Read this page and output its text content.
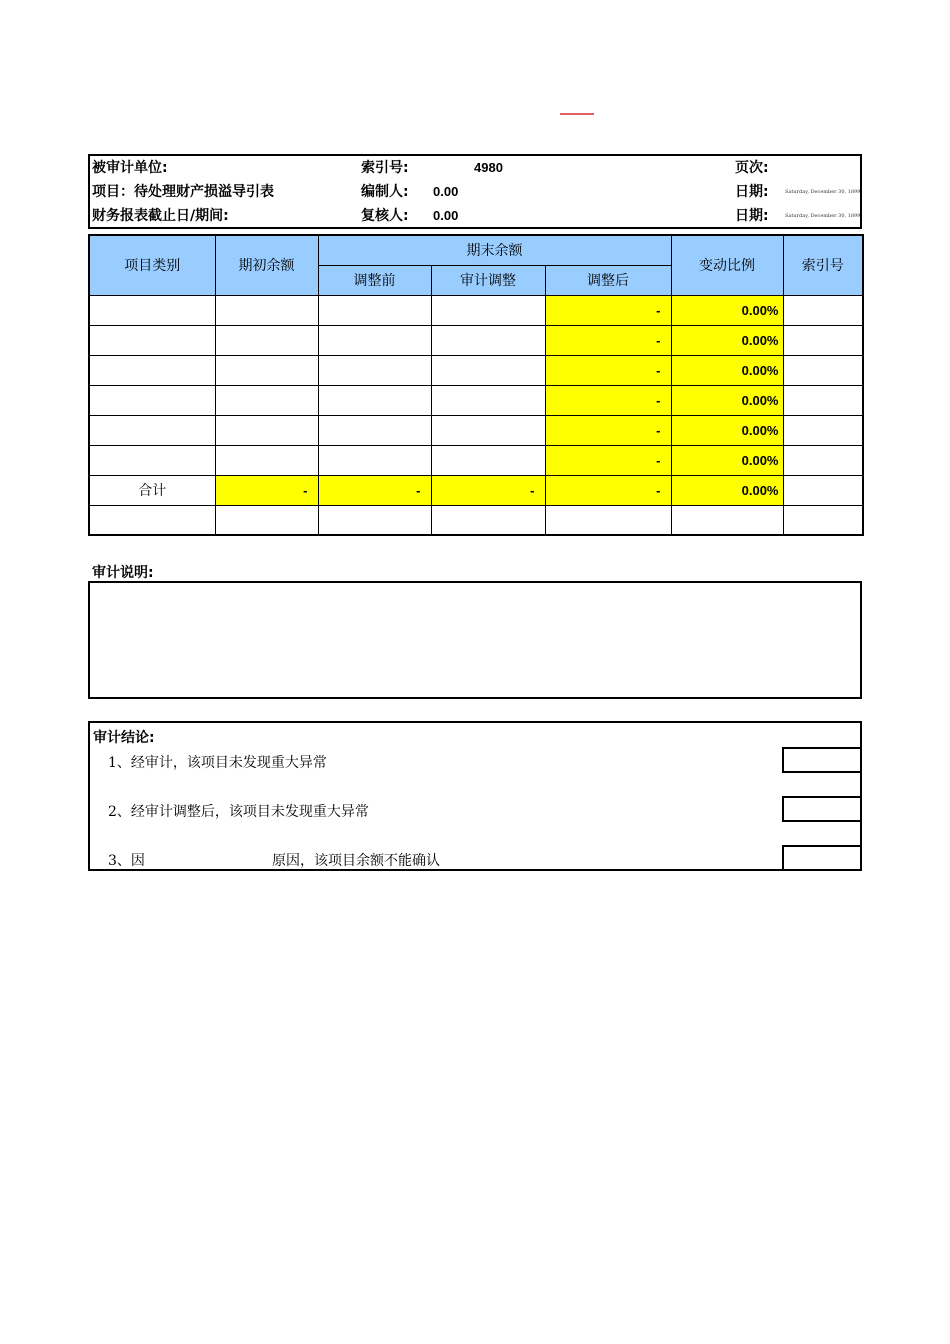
被审计单位:	索引号:	4980	页次:
项目：待处理财产损溢导引表	编制人: 0.00	日期:	Saturday, December 30, 1899
财务报表截止日/期间:	复核人: 0.00	日期:	Saturday, December 30, 1899
项目类别	期初余额	期末余额			变动比例	索引号
		调整前	审计调整	调整后		
				-	0.00%	
				-	0.00%	
				-	0.00%	
				-	0.00%	
				-	0.00%	
				-	0.00%	
合计	-	-	-	-	0.00%	

审计说明:
审计结论:
1、经审计，该项目未发现重大异常
2、经审计调整后，该项目未发现重大异常
3、因	原因，该项目余额不能确认
